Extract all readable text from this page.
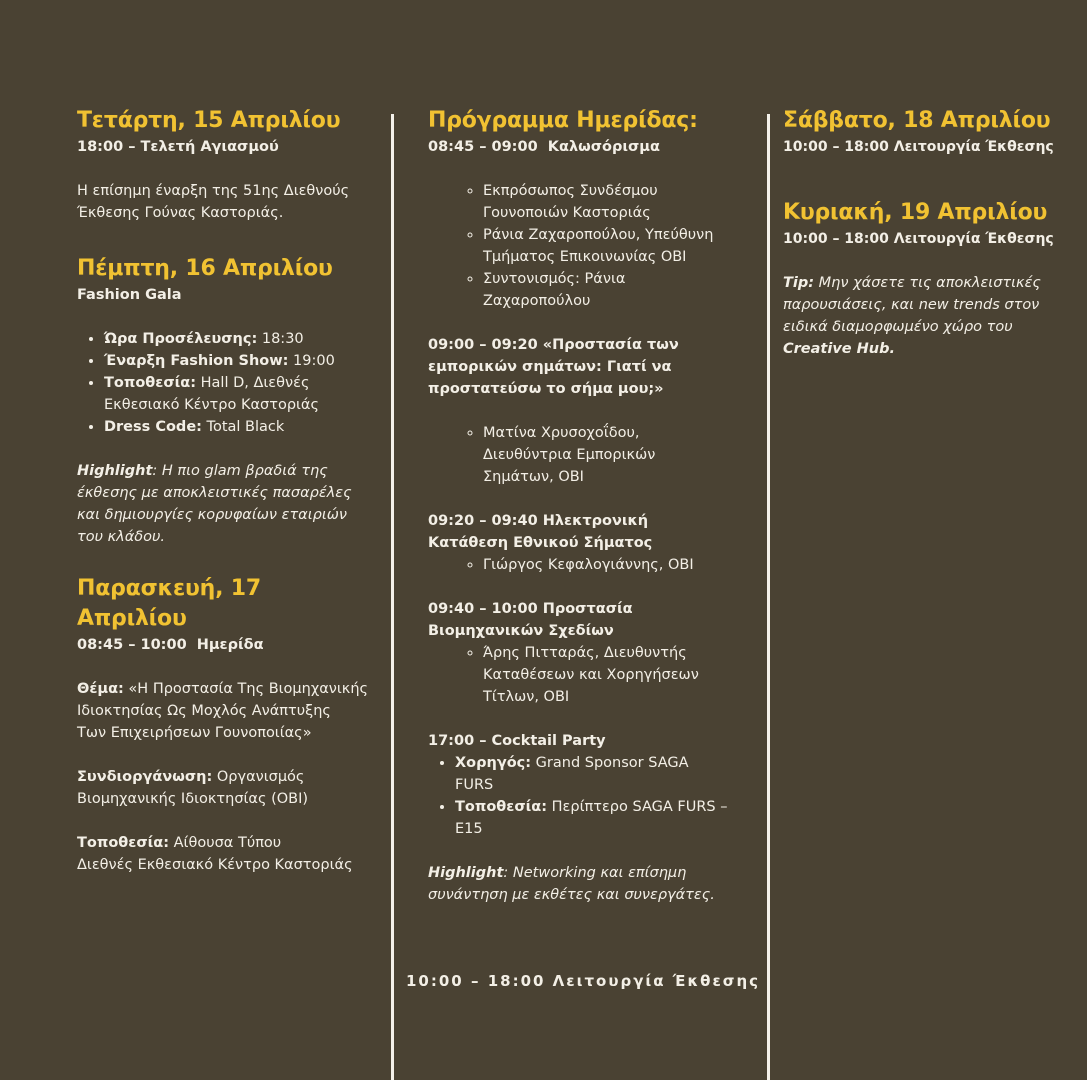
Τετάρτη, 15 Απριλίου

18:00 – Τελετή Αγιασμού

Η επίσημη έναρξη της 51ης Διεθνούς
Έκθεσης Γούνας Καστοριάς.

Πέμπτη, 16 Απριλίου

Fashion Gala

• Ώρα Προσέλευσης: 18:30
• Έναρξη Fashion Show: 19:00
• Τοποθεσία: Hall D, Διεθνές
Εκθεσιακό Κέντρο Καστοριάς
• Dress Code: Total Black

Highlight: Η πιο glam βραδιά της
έκθεσης με αποκλειστικές πασαρέλες
και δημιουργίες κορυφαίων εταιριών
του κλάδου.

Παρασκευή, 17 Απριλίου

08:45 – 10:00  Ημερίδα

Θέμα: «Η Προστασία Της Βιομηχανικής
Ιδιοκτησίας Ως Μοχλός Ανάπτυξης
Των Επιχειρήσεων Γουνοποιίας»

Συνδιοργάνωση: Οργανισμός
Βιομηχανικής Ιδιοκτησίας (ΟΒΙ)

Τοποθεσία: Αίθουσα Τύπου
Διεθνές Εκθεσιακό Κέντρο Καστοριάς

Πρόγραμμα Ημερίδας:

08:45 – 09:00  Καλωσόρισμα

◦ Εκπρόσωπος Συνδέσμου
Γουνοποιών Καστοριάς
◦ Ράνια Ζαχαροπούλου, Υπεύθυνη
Τμήματος Επικοινωνίας ΟΒΙ
◦ Συντονισμός: Ράνια
Ζαχαροπούλου

09:00 – 09:20 «Προστασία των
εμπορικών σημάτων: Γιατί να
προστατεύσω το σήμα μου;»

◦ Ματίνα Χρυσοχοΐδου,
Διευθύντρια Εμπορικών
Σημάτων, ΟΒΙ

09:20 – 09:40 Ηλεκτρονική
Κατάθεση Εθνικού Σήματος

◦ Γιώργος Κεφαλογιάννης, ΟΒΙ

09:40 – 10:00 Προστασία
Βιομηχανικών Σχεδίων

◦ Άρης Πιτταράς, Διευθυντής
Καταθέσεων και Χορηγήσεων
Τίτλων, ΟΒΙ

17:00 – Cocktail Party

• Χορηγός: Grand Sponsor SAGA
FURS
• Τοποθεσία: Περίπτερο SAGA FURS –
E15

Highlight: Networking και επίσημη
συνάντηση με εκθέτες και συνεργάτες.

10:00 – 18:00 Λειτουργία Έκθεσης
Σάββατο, 18 Απριλίου

10:00 – 18:00 Λειτουργία Έκθεσης

Κυριακή, 19 Απριλίου

10:00 – 18:00 Λειτουργία Έκθεσης

Tip: Μην χάσετε τις αποκλειστικές
παρουσιάσεις, και new trends στον
ειδικά διαμορφωμένο χώρο του
Creative Hub.
